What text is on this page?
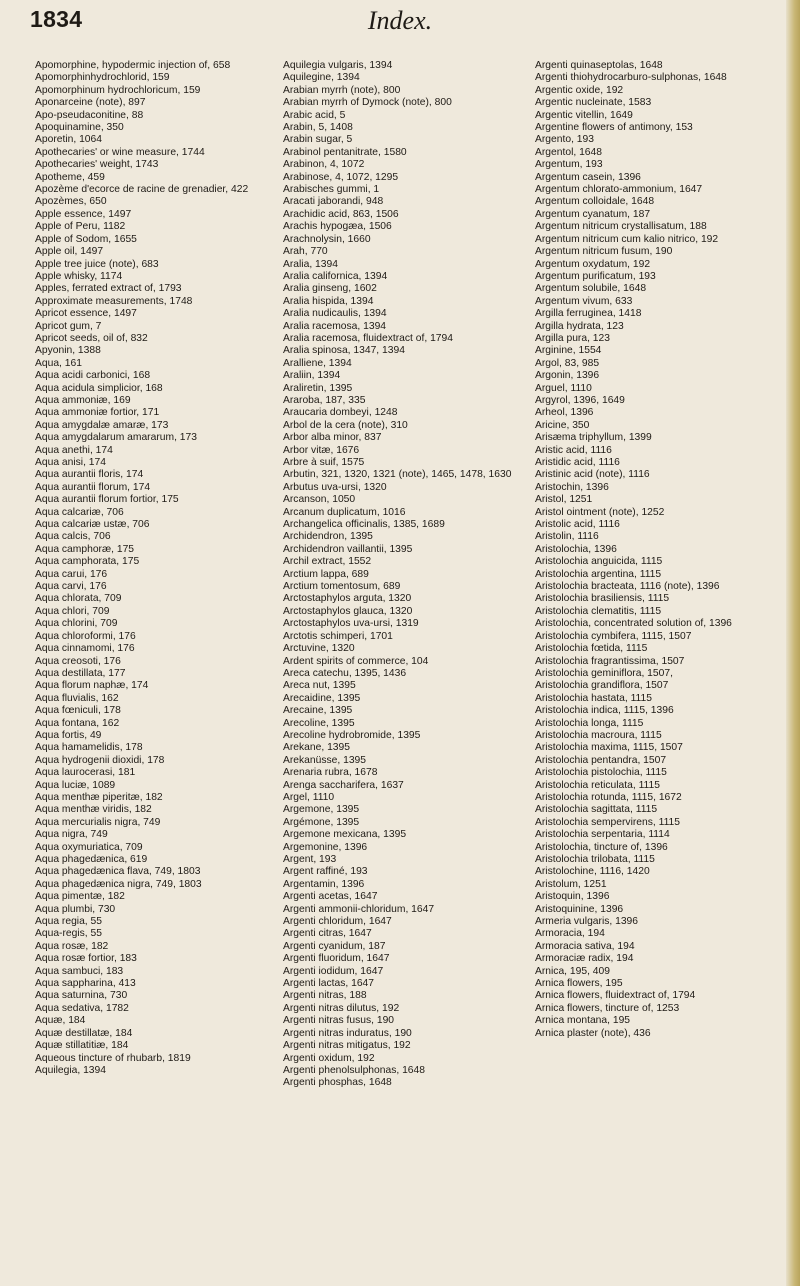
1834	Index.
Apomorphine, hypodermic injection of, 658
Apomorphinhydrochlorid, 159
Apomorphinum hydrochloricum, 159
Aponarceine (note), 897
Apo-pseudaconitine, 88
Apoquinamine, 350
Aporetin, 1064
Apothecaries' or wine measure, 1744
Apothecaries' weight, 1743
Apotheme, 459
Apozème d'ecorce de racine de grenadier, 422
Apozèmes, 650
Apple essence, 1497
Apple of Peru, 1182
Apple of Sodom, 1655
Apple oil, 1497
Apple tree juice (note), 683
Apple whisky, 1174
Apples, ferrated extract of, 1793
Approximate measurements, 1748
Apricot essence, 1497
Apricot gum, 7
Apricot seeds, oil of, 832
Apyonin, 1388
Aqua, 161
Aqua acidi carbonici, 168
Aqua acidula simplicior, 168
Aqua ammoniæ, 169
Aqua ammoniæ fortior, 171
Aqua amygdalæ amaræ, 173
Aqua amygdalarum amararum, 173
Aqua anethi, 174
Aqua anisi, 174
Aqua aurantii floris, 174
Aqua aurantii florum, 174
Aqua aurantii florum fortior, 175
Aqua calcariæ, 706
Aqua calcariæ ustæ, 706
Aqua calcis, 706
Aqua camphoræ, 175
Aqua camphorata, 175
Aqua carui, 176
Aqua carvi, 176
Aqua chlorata, 709
Aqua chlori, 709
Aqua chlorini, 709
Aqua chloroformi, 176
Aqua cinnamomi, 176
Aqua creosoti, 176
Aqua destillata, 177
Aqua florum naphæ, 174
Aqua fluvialis, 162
Aqua fœniculi, 178
Aqua fontana, 162
Aqua fortis, 49
Aqua hamamelidis, 178
Aqua hydrogenii dioxidi, 178
Aqua laurocerasi, 181
Aqua luciæ, 1089
Aqua menthæ piperitæ, 182
Aqua menthæ viridis, 182
Aqua mercurialis nigra, 749
Aqua nigra, 749
Aqua oxymuriatica, 709
Aqua phagedænica, 619
Aqua phagedænica flava, 749, 1803
Aqua phagedænica nigra, 749, 1803
Aqua pimentæ, 182
Aqua plumbi, 730
Aqua regia, 55
Aqua-regis, 55
Aqua rosæ, 182
Aqua rosæ fortior, 183
Aqua sambuci, 183
Aqua sappharina, 413
Aqua saturnina, 730
Aqua sedativa, 1782
Aquæ, 184
Aquæ destillatæ, 184
Aquæ stillatitiæ, 184
Aqueous tincture of rhubarb, 1819
Aquilegia, 1394
Aquilegia vulgaris, 1394
Aquilegine, 1394
Arabian myrrh (note), 800
Arabian myrrh of Dymock (note), 800
Arabic acid, 5
Arabin, 5, 1408
Arabin sugar, 5
Arabinol pentanitrate, 1580
Arabinon, 4, 1072
Arabinose, 4, 1072, 1295
Arabisches gummi, 1
Aracati jaborandi, 948
Arachidic acid, 863, 1506
Arachis hypogæa, 1506
Arachnolysin, 1660
Arah, 770
Aralia, 1394
Aralia californica, 1394
Aralia ginseng, 1602
Aralia hispida, 1394
Aralia nudicaulis, 1394
Aralia racemosa, 1394
Aralia racemosa, fluidextract of, 1794
Aralia spinosa, 1347, 1394
Aralliene, 1394
Araliin, 1394
Araliretin, 1395
Araroba, 187, 335
Araucaria dombeyi, 1248
Arbol de la cera (note), 310
Arbor alba minor, 837
Arbor vitæ, 1676
Arbre à suif, 1575
Arbutin, 321, 1320, 1321 (note), 1465, 1478, 1630
Arbutus uva-ursi, 1320
Arcanson, 1050
Arcanum duplicatum, 1016
Archangelica officinalis, 1385, 1689
Archidendron, 1395
Archidendron vaillantii, 1395
Archil extract, 1552
Arctium lappa, 689
Arctium tomentosum, 689
Arctostaphylos arguta, 1320
Arctostaphylos glauca, 1320
Arctostaphylos uva-ursi, 1319
Arctotis schimperi, 1701
Arctuvine, 1320
Ardent spirits of commerce, 104
Areca catechu, 1395, 1436
Areca nut, 1395
Arecaidine, 1395
Arecaine, 1395
Arecoline, 1395
Arecoline hydrobromide, 1395
Arekane, 1395
Arekanüsse, 1395
Arenaria rubra, 1678
Arenga saccharifera, 1637
Argel, 1110
Argemone, 1395
Argémone, 1395
Argemone mexicana, 1395
Argemonine, 1396
Argent, 193
Argent raffiné, 193
Argentamin, 1396
Argenti acetas, 1647
Argenti ammonii-chloridum, 1647
Argenti chloridum, 1647
Argenti citras, 1647
Argenti cyanidum, 187
Argenti fluoridum, 1647
Argenti iodidum, 1647
Argenti lactas, 1647
Argenti nitras, 188
Argenti nitras dilutus, 192
Argenti nitras fusus, 190
Argenti nitras induratus, 190
Argenti nitras mitigatus, 192
Argenti oxidum, 192
Argenti phenolsulphonas, 1648
Argenti phosphas, 1648
Argenti quinaseptolas, 1648
Argenti thiohydrocarburo-sulphonas, 1648
Argentic oxide, 192
Argentic nucleinate, 1583
Argentic vitellin, 1649
Argentine flowers of antimony, 153
Argento, 193
Argentol, 1648
Argentum, 193
Argentum casein, 1396
Argentum chlorato-ammonium, 1647
Argentum colloidale, 1648
Argentum cyanatum, 187
Argentum nitricum crystallisatum, 188
Argentum nitricum cum kalio nitrico, 192
Argentum nitricum fusum, 190
Argentum oxydatum, 192
Argentum purificatum, 193
Argentum solubile, 1648
Argentum vivum, 633
Argilla ferruginea, 1418
Argilla hydrata, 123
Argilla pura, 123
Arginine, 1554
Argol, 83, 985
Argonin, 1396
Arguel, 1110
Argyrol, 1396, 1649
Arheol, 1396
Aricine, 350
Arisæma triphyllum, 1399
Aristic acid, 1116
Aristidic acid, 1116
Aristinic acid (note), 1116
Aristochin, 1396
Aristol, 1251
Aristol ointment (note), 1252
Aristolic acid, 1116
Aristolin, 1116
Aristolochia, 1396
Aristolochia anguicida, 1115
Aristolochia argentina, 1115
Aristolochia bracteata, 1116 (note), 1396
Aristolochia brasiliensis, 1115
Aristolochia clematitis, 1115
Aristolochia, concentrated solution of, 1396
Aristolochia cymbifera, 1115, 1507
Aristolochia fœtida, 1115
Aristolochia fragrantissima, 1507
Aristolochia geminiflora, 1507,
Aristolochia grandiflora, 1507
Aristolochia hastata, 1115
Aristolochia indica, 1115, 1396
Aristolochia longa, 1115
Aristolochia macroura, 1115
Aristolochia maxima, 1115, 1507
Aristolochia pentandra, 1507
Aristolochia pistolochia, 1115
Aristolochia reticulata, 1115
Aristolochia rotunda, 1115, 1672
Aristolochia sagittata, 1115
Aristolochia sempervirens, 1115
Aristolochia serpentaria, 1114
Aristolochia, tincture of, 1396
Aristolochia trilobata, 1115
Aristolochine, 1116, 1420
Aristolum, 1251
Aristoquin, 1396
Aristoquinine, 1396
Armeria vulgaris, 1396
Armoracia, 194
Armoracia sativa, 194
Armoraciæ radix, 194
Arnica, 195, 409
Arnica flowers, 195
Arnica flowers, fluidextract of, 1794
Arnica flowers, tincture of, 1253
Arnica montana, 195
Arnica plaster (note), 436
